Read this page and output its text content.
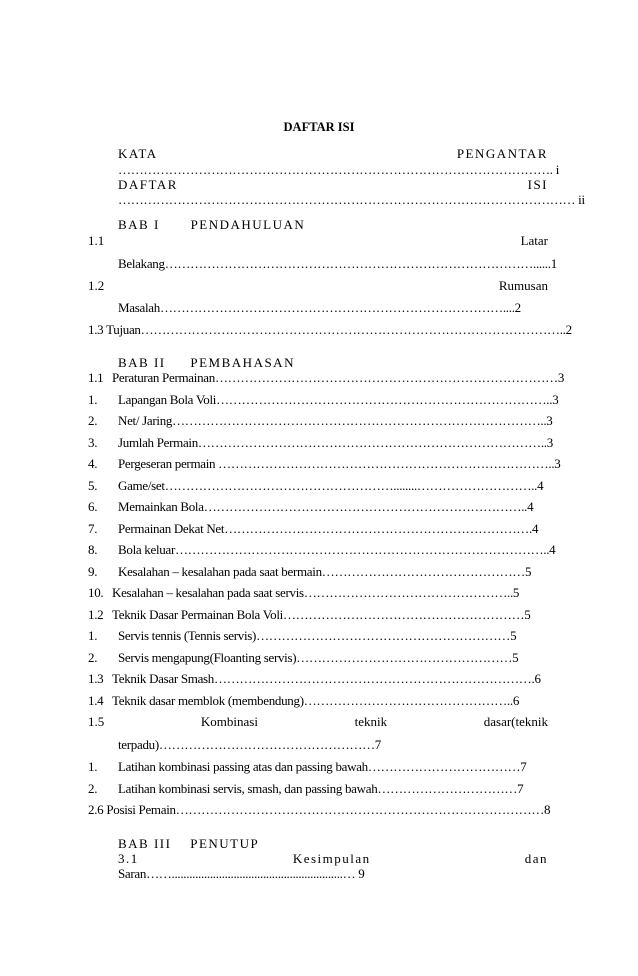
DAFTAR ISI
KATA	PENGANTAR
…………………………………………………………………………………………. i
DAFTAR	ISI
……………………………………………………………………………………………… ii
BAB I PENDAHULUAN
1.1	Latar
Belakang……………………………………………………………………………......1
1.2	Rumusan
Masalah………………………………………………………………………....2
1.3 Tujuan………………………………………………………………………………………..2
BAB II PEMBAHASAN
1.1 Peraturan Permainan………………………………………………………………………3
1. Lapangan Bola Voli……………………………………………………………………..3
2. Net/ Jaring……………………………………………………………………………..3
3. Jumlah Permain………………………………………………………………………..3
4. Pergeseran permain ……………………………………………………………………..3
5. Game/set………………………………………………........………………………..4
6. Memainkan Bola…………………………………………………………………..4
7. Permainan Dekat Net……………………………………………………………….4
8. Bola keluar……………………………………………………………………………..4
9. Kesalahan – kesalahan pada saat bermain…………………………………………5
10. Kesalahan – kesalahan pada saat servis…………………………………………..5
1.2 Teknik Dasar Permainan Bola Voli…………………………………………………5
1. Servis tennis (Tennis servis)……………………………………………………5
2. Servis mengapung(Floanting servis)……………………………………………5
1.3 Teknik Dasar Smash………………………………………………………………….6
1.4 Teknik dasar memblok (membendung)…………………………………………..6
1.5	Kombinasi	teknik	dasar(teknik
terpadu)……………………………………………7
1. Latihan kombinasi passing atas dan passing bawah………………………………7
2. Latihan kombinasi servis, smash, dan passing bawah……………………………7
2.6 Posisi Pemain……………………………………………………………………………8
BAB III PENUTUP
3.1	Kesimpulan	dan
Saran……..........................................................… 9
